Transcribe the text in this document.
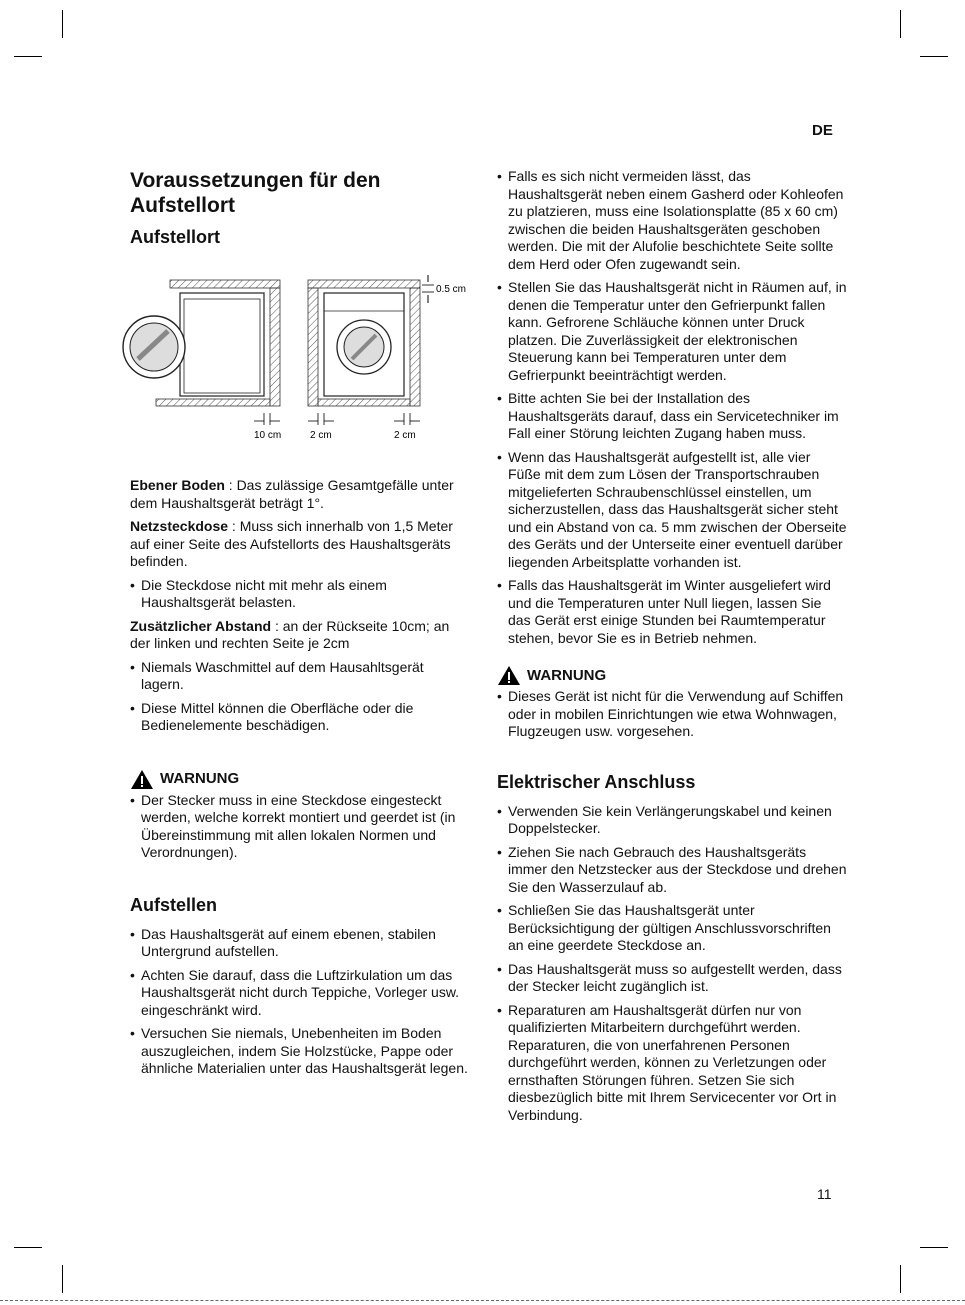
DE
Voraussetzungen für den Aufstellort
Aufstellort
0.5 cm
10 cm	2 cm	2 cm

Ebener Boden : Das zulässige Gesamtgefälle unter dem Haushaltsgerät beträgt 1°.

Netzsteckdose : Muss sich innerhalb von 1,5 Meter auf einer Seite des Aufstellorts des Haushaltsgeräts befinden.

• Die Steckdose nicht mit mehr als einem Haushaltsgerät belasten.

Zusätzlicher Abstand : an der Rückseite 10cm; an der linken und rechten Seite je 2cm

• Niemals Waschmittel auf dem Hausahltsgerät lagern.
• Diese Mittel können die Oberfläche oder die Bedienelemente beschädigen.
WARNUNG
• Der Stecker muss in eine Steckdose eingesteckt werden, welche korrekt montiert und geerdet ist (in Übereinstimmung mit allen lokalen Normen und Verordnungen).
Aufstellen
• Das Haushaltsgerät auf einem ebenen, stabilen Untergrund aufstellen.
• Achten Sie darauf, dass die Luftzirkulation um das Haushaltsgerät nicht durch Teppiche, Vorleger usw. eingeschränkt wird.
• Versuchen Sie niemals, Unebenheiten im Boden auszugleichen, indem Sie Holzstücke, Pappe oder ähnliche Materialien unter das Haushaltsgerät legen.
• Falls es sich nicht vermeiden lässt, das Haushaltsgerät neben einem Gasherd oder Kohleofen zu platzieren, muss eine Isolationsplatte (85 x 60 cm) zwischen die beiden Haushaltsgeräten geschoben werden. Die mit der Alufolie beschichtete Seite sollte dem Herd oder Ofen zugewandt sein.
• Stellen Sie das Haushaltsgerät nicht in Räumen auf, in denen die Temperatur unter den Gefrierpunkt fallen kann. Gefrorene Schläuche können unter Druck platzen. Die Zuverlässigkeit der elektronischen Steuerung kann bei Temperaturen unter dem Gefrierpunkt beeinträchtigt werden.
• Bitte achten Sie bei der Installation des Haushaltsgeräts darauf, dass ein Servicetechniker im Fall einer Störung leichten Zugang haben muss.
• Wenn das Haushaltsgerät aufgestellt ist, alle vier Füße mit dem zum Lösen der Transportschrauben mitgelieferten Schraubenschlüssel einstellen, um sicherzustellen, dass das Haushaltsgerät sicher steht und ein Abstand von ca. 5 mm zwischen der Oberseite des Geräts und der Unterseite einer eventuell darüber liegenden Arbeitsplatte vorhanden ist.
• Falls das Haushaltsgerät im Winter ausgeliefert wird und die Temperaturen unter Null liegen, lassen Sie das Gerät erst einige Stunden bei Raumtemperatur stehen, bevor Sie es in Betrieb nehmen.
WARNUNG
• Dieses Gerät ist nicht für die Verwendung auf Schiffen oder in mobilen Einrichtungen wie etwa Wohnwagen, Flugzeugen usw. vorgesehen.
Elektrischer Anschluss
• Verwenden Sie kein Verlängerungskabel und keinen Doppelstecker.
• Ziehen Sie nach Gebrauch des Haushaltsgeräts immer den Netzstecker aus der Steckdose und drehen Sie den Wasserzulauf ab.
• Schließen Sie das Haushaltsgerät unter Berücksichtigung der gültigen Anschlussvorschriften an eine geerdete Steckdose an.
• Das Haushaltsgerät muss so aufgestellt werden, dass der Stecker leicht zugänglich ist.
• Reparaturen am Haushaltsgerät dürfen nur von qualifizierten Mitarbeitern durchgeführt werden. Reparaturen, die von unerfahrenen Personen durchgeführt werden, können zu Verletzungen oder ernsthaften Störungen führen. Setzen Sie sich diesbezüglich bitte mit Ihrem Servicecenter vor Ort in Verbindung.
11
